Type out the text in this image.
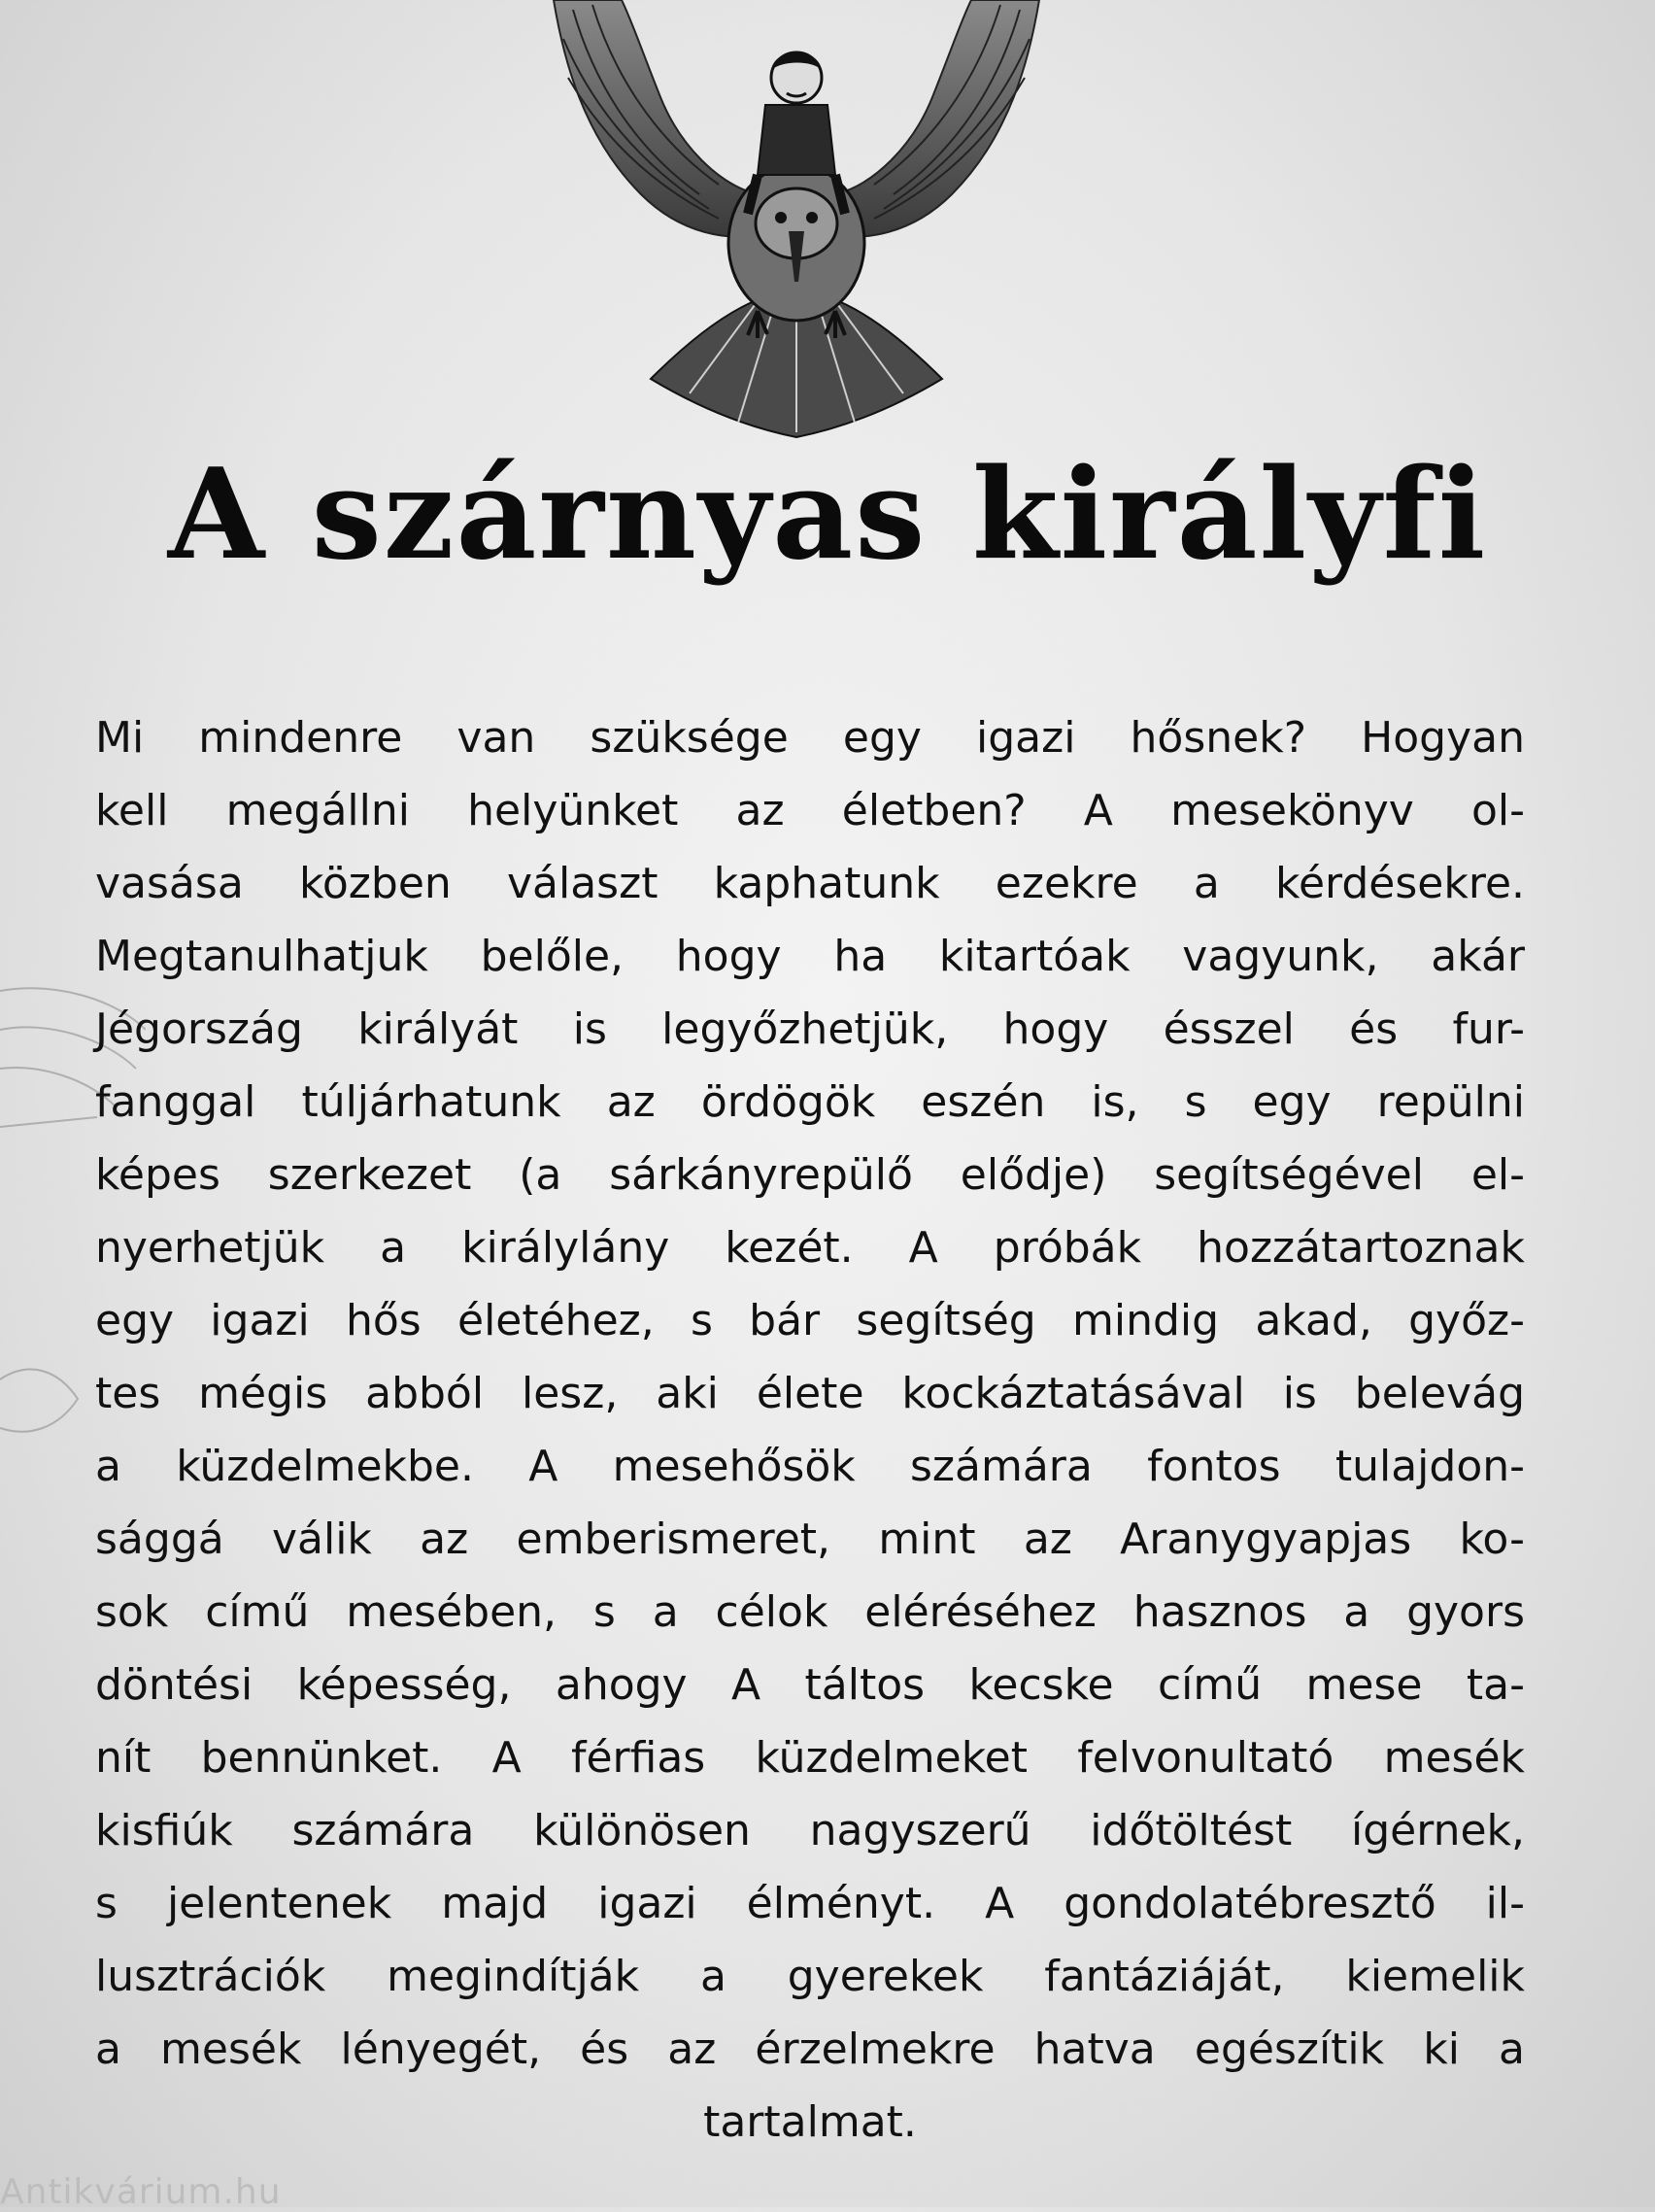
A szárnyas királyfi
Mi mindenre van szüksége egy igazi hősnek? Hogyan
kell megállni helyünket az életben? A mesekönyv ol-
vasása közben választ kaphatunk ezekre a kérdésekre.
Megtanulhatjuk belőle, hogy ha kitartóak vagyunk, akár
Jégország királyát is legyőzhetjük, hogy ésszel és fur-
fanggal túljárhatunk az ördögök eszén is, s egy repülni
képes szerkezet (a sárkányrepülő elődje) segítségével el-
nyerhetjük a királylány kezét. A próbák hozzátartoznak
egy igazi hős életéhez, s bár segítség mindig akad, győz-
tes mégis abból lesz, aki élete kockáztatásával is belevág
a küzdelmekbe. A mesehősök számára fontos tulajdon-
sággá válik az emberismeret, mint az Aranygyapjas ko-
sok című mesében, s a célok eléréséhez hasznos a gyors
döntési képesség, ahogy A táltos kecske című mese ta-
nít bennünket. A férfias küzdelmeket felvonultató mesék
kisfiúk számára különösen nagyszerű időtöltést ígérnek,
s jelentenek majd igazi élményt. A gondolatébresztő il-
lusztrációk megindítják a gyerekek fantáziáját, kiemelik
a mesék lényegét, és az érzelmekre hatva egészítik ki a
tartalmat.
Antikvárium.hu
